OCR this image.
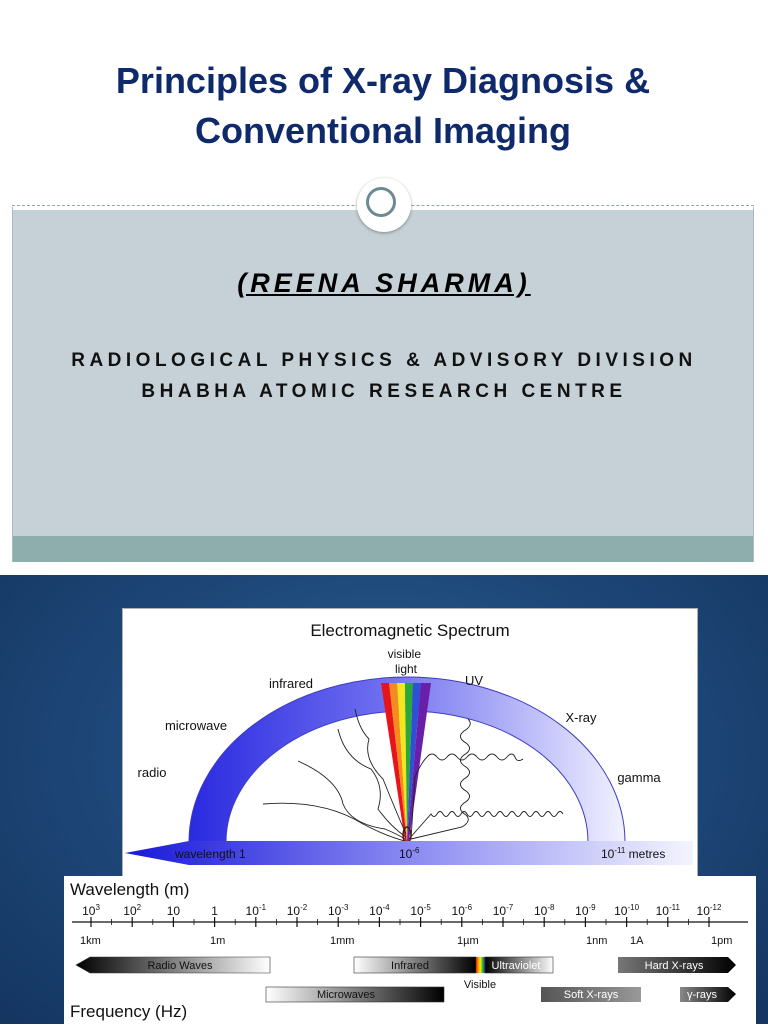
Principles of X-ray Diagnosis &
Conventional Imaging
(REENA SHARMA)
RADIOLOGICAL PHYSICS & ADVISORY DIVISION
BHABHA ATOMIC RESEARCH CENTRE
Electromagnetic Spectrum
visible light
infrared	UV
microwave
X-ray
radio	gamma
wavelength 1	$10^{-6}$	$10^{-11}$ metres
Wavelength (m)
$10^3$ $10^2$ 10	1 $10^{-1}$ $10^{-2}$ $10^{-3}$ $10^{-4}$ $10^{-5}$ $10^{-6}$ $10^{-7}$ $10^{-8}$ $10^{-9}$ $10^{-10}$ $10^{-11}$ $10^{-12}$
1km	1m	1mm	1µm	1nm 1A	1pm
Radio Waves	Infrared	Ultraviolet	Hard X-rays
Visible
Microwaves	Soft X-rays	γ-rays
Frequency (Hz)
